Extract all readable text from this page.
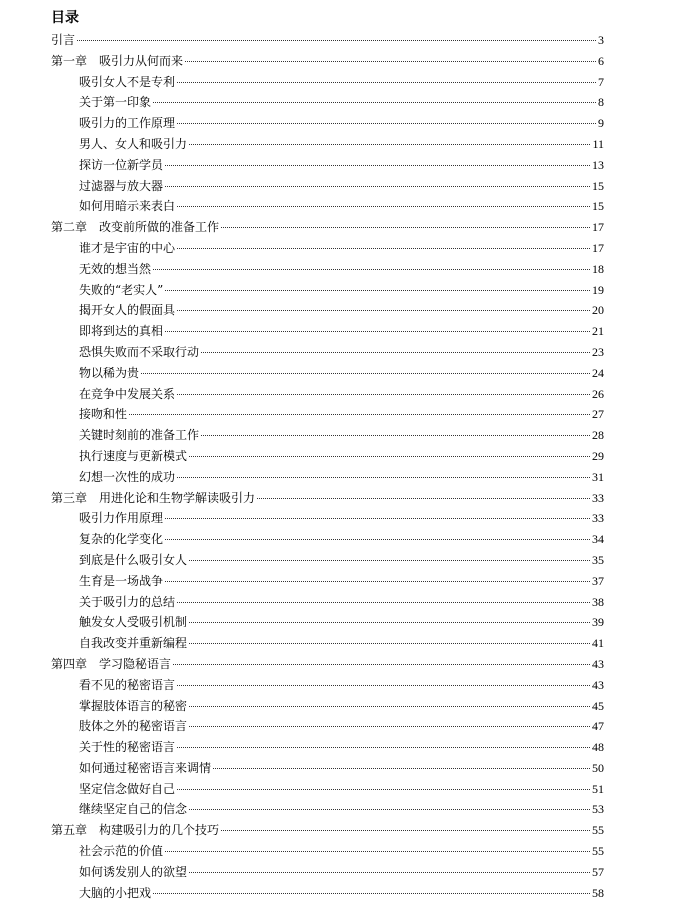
目录
引言	3
第一章　吸引力从何而来	6
吸引女人不是专利	7
关于第一印象	8
吸引力的工作原理	9
男人、女人和吸引力	11
探访一位新学员	13
过滤器与放大器	15
如何用暗示来表白	15
第二章　改变前所做的准备工作	17
谁才是宇宙的中心	17
无效的想当然	18
失败的“老实人”	19
揭开女人的假面具	20
即将到达的真相	21
恐惧失败而不采取行动	23
物以稀为贵	24
在竞争中发展关系	26
接吻和性	27
关键时刻前的准备工作	28
执行速度与更新模式	29
幻想一次性的成功	31
第三章　用进化论和生物学解读吸引力	33
吸引力作用原理	33
复杂的化学变化	34
到底是什么吸引女人	35
生育是一场战争	37
关于吸引力的总结	38
触发女人受吸引机制	39
自我改变并重新编程	41
第四章　学习隐秘语言	43
看不见的秘密语言	43
掌握肢体语言的秘密	45
肢体之外的秘密语言	47
关于性的秘密语言	48
如何通过秘密语言来调情	50
坚定信念做好自己	51
继续坚定自己的信念	53
第五章　构建吸引力的几个技巧	55
社会示范的价值	55
如何诱发别人的欲望	57
大脑的小把戏	58
